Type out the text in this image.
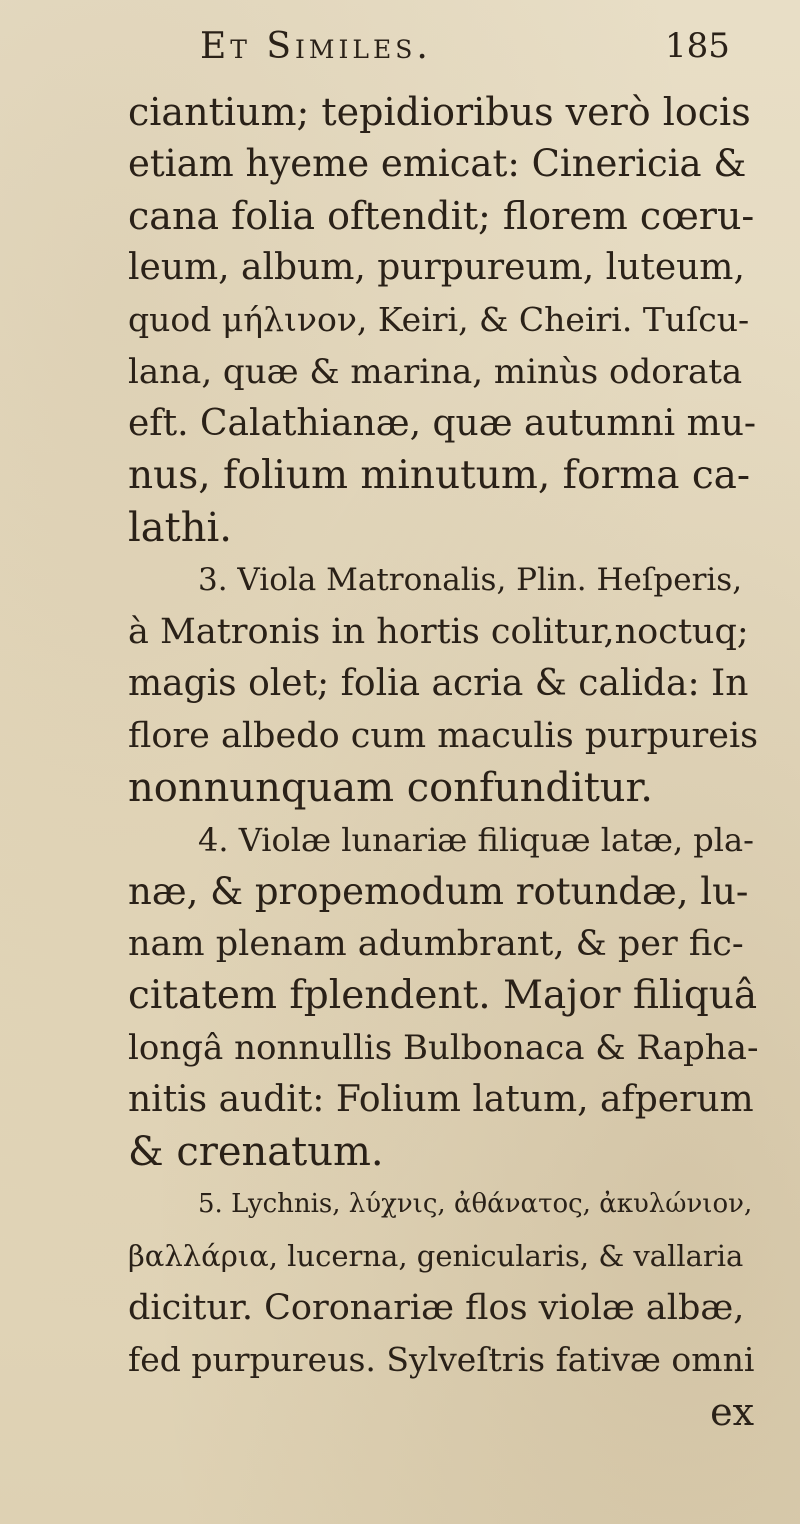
Et Similes.	185
ciantium; tepidioribus verò locis
etiam hyeme emicat: Cinericia &
cana folia oftendit; florem cœru-
leum, album, purpureum, luteum,
quod μήλινον, Keiri, & Cheiri. Tuſcu-
lana, quæ & marina, minùs odorata
eft. Calathianæ, quæ autumni mu-
nus, folium minutum, forma ca-
lathi.
3. Viola Matronalis, Plin. Heſperis,
à Matronis in hortis colitur,noctuq;
magis olet; folia acria & calida: In
flore albedo cum maculis purpureis
nonnunquam confunditur.
4. Violæ lunariæ filiquæ latæ, pla-
næ, & propemodum rotundæ, lu-
nam plenam adumbrant, & per fic-
citatem fplendent. Major filiquâ
longâ nonnullis Bulbonaca & Rapha-
nitis audit: Folium latum, afperum
& crenatum.
5. Lychnis, λύχνις, ἀθάνατος, ἀκυλώνιον,
βαλλάρια, lucerna, genicularis, & vallaria
dicitur. Coronariæ flos violæ albæ,
fed purpureus. Sylveſtris fativæ omni
ex
